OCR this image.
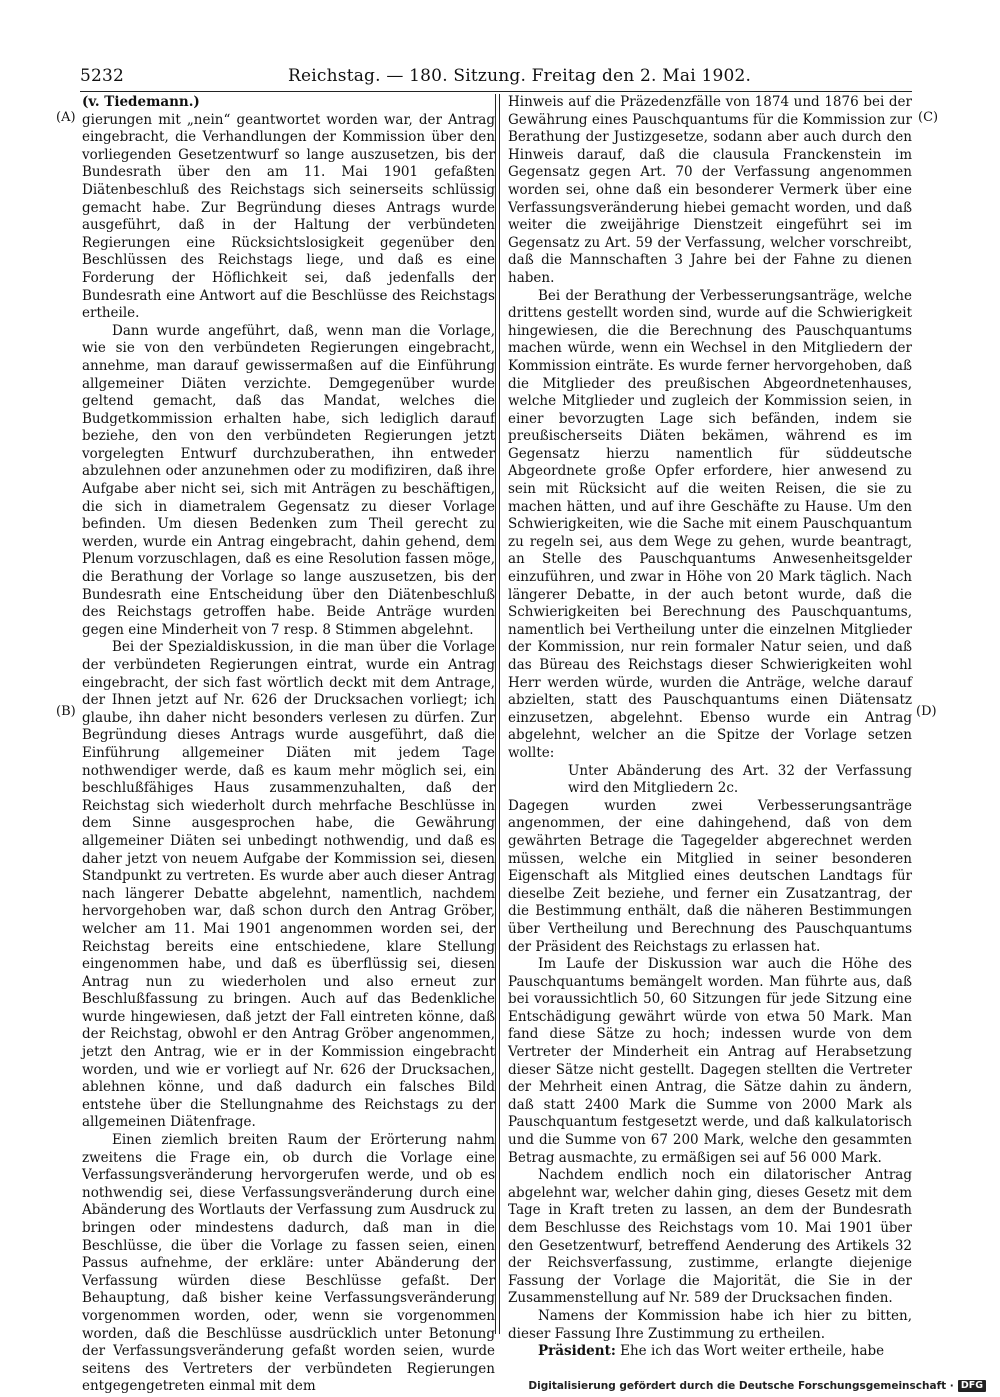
5232	Reichstag. — 180. Sitzung. Freitag den 2. Mai 1902.
(A)
(B)
(C)
(D)

(v. Tiedemann.)

gierungen mit „nein“ geantwortet worden war, der Antrag eingebracht, die Verhandlungen der Kommission über den vorliegenden Gesetzentwurf so lange auszusetzen, bis der Bundesrath über den am 11. Mai 1901 gefaßten Diätenbeschluß des Reichstags sich seinerseits schlüssig gemacht habe. Zur Begründung dieses Antrags wurde ausgeführt, daß in der Haltung der verbündeten Regierungen eine Rücksichtslosigkeit gegenüber den Beschlüssen des Reichstags liege, und daß es eine Forderung der Höflichkeit sei, daß jedenfalls der Bundesrath eine Antwort auf die Beschlüsse des Reichstags ertheile.

Dann wurde angeführt, daß, wenn man die Vorlage, wie sie von den verbündeten Regierungen eingebracht, annehme, man darauf gewissermaßen auf die Einführung allgemeiner Diäten verzichte. Demgegenüber wurde geltend gemacht, daß das Mandat, welches die Budgetkommission erhalten habe, sich lediglich darauf beziehe, den von den verbündeten Regierungen jetzt vorgelegten Entwurf durchzuberathen, ihn entweder abzulehnen oder anzunehmen oder zu modifiziren, daß ihre Aufgabe aber nicht sei, sich mit Anträgen zu beschäftigen, die sich in diametralem Gegensatz zu dieser Vorlage befinden. Um diesen Bedenken zum Theil gerecht zu werden, wurde ein Antrag eingebracht, dahin gehend, dem Plenum vorzuschlagen, daß es eine Resolution fassen möge, die Berathung der Vorlage so lange auszusetzen, bis der Bundesrath eine Entscheidung über den Diätenbeschluß des Reichstags getroffen habe. Beide Anträge wurden gegen eine Minderheit von 7 resp. 8 Stimmen abgelehnt.

Bei der Spezialdiskussion, in die man über die Vorlage der verbündeten Regierungen eintrat, wurde ein Antrag eingebracht, der sich fast wörtlich deckt mit dem Antrage, der Ihnen jetzt auf Nr. 626 der Drucksachen vorliegt; ich glaube, ihn daher nicht besonders verlesen zu dürfen. Zur Begründung dieses Antrags wurde ausgeführt, daß die Einführung allgemeiner Diäten mit jedem Tage nothwendiger werde, daß es kaum mehr möglich sei, ein beschlußfähiges Haus zusammenzuhalten, daß der Reichstag sich wiederholt durch mehrfache Beschlüsse in dem Sinne ausgesprochen habe, die Gewährung allgemeiner Diäten sei unbedingt nothwendig, und daß es daher jetzt von neuem Aufgabe der Kommission sei, diesen Standpunkt zu vertreten. Es wurde aber auch dieser Antrag nach längerer Debatte abgelehnt, namentlich, nachdem hervorgehoben war, daß schon durch den Antrag Gröber, welcher am 11. Mai 1901 angenommen worden sei, der Reichstag bereits eine entschiedene, klare Stellung eingenommen habe, und daß es überflüssig sei, diesen Antrag nun zu wiederholen und also erneut zur Beschlußfassung zu bringen. Auch auf das Bedenkliche wurde hingewiesen, daß jetzt der Fall eintreten könne, daß der Reichstag, obwohl er den Antrag Gröber angenommen, jetzt den Antrag, wie er in der Kommission eingebracht worden, und wie er vorliegt auf Nr. 626 der Drucksachen, ablehnen könne, und daß dadurch ein falsches Bild entstehe über die Stellungnahme des Reichstags zu der allgemeinen Diätenfrage.

Einen ziemlich breiten Raum der Erörterung nahm zweitens die Frage ein, ob durch die Vorlage eine Verfassungsveränderung hervorgerufen werde, und ob es nothwendig sei, diese Verfassungsveränderung durch eine Abänderung des Wortlauts der Verfassung zum Ausdruck zu bringen oder mindestens dadurch, daß man in die Beschlüsse, die über die Vorlage zu fassen seien, einen Passus aufnehme, der erkläre: unter Abänderung der Verfassung würden diese Beschlüsse gefaßt. Der Behauptung, daß bisher keine Verfassungsveränderung vorgenommen worden, oder, wenn sie vorgenommen worden, daß die Beschlüsse ausdrücklich unter Betonung der Verfassungsveränderung gefaßt worden seien, wurde seitens des Vertreters der verbündeten Regierungen entgegengetreten einmal mit dem

Hinweis auf die Präzedenzfälle von 1874 und 1876 bei der Gewährung eines Pauschquantums für die Kommission zur Berathung der Justizgesetze, sodann aber auch durch den Hinweis darauf, daß die clausula Franckenstein im Gegensatz gegen Art. 70 der Verfassung angenommen worden sei, ohne daß ein besonderer Vermerk über eine Verfassungsveränderung hiebei gemacht worden, und daß weiter die zweijährige Dienstzeit eingeführt sei im Gegensatz zu Art. 59 der Verfassung, welcher vorschreibt, daß die Mannschaften 3 Jahre bei der Fahne zu dienen haben.

Bei der Berathung der Verbesserungsanträge, welche drittens gestellt worden sind, wurde auf die Schwierigkeit hingewiesen, die die Berechnung des Pauschquantums machen würde, wenn ein Wechsel in den Mitgliedern der Kommission einträte. Es wurde ferner hervorgehoben, daß die Mitglieder des preußischen Abgeordnetenhauses, welche Mitglieder und zugleich der Kommission seien, in einer bevorzugten Lage sich befänden, indem sie preußischerseits Diäten bekämen, während es im Gegensatz hierzu namentlich für süddeutsche Abgeordnete große Opfer erfordere, hier anwesend zu sein mit Rücksicht auf die weiten Reisen, die sie zu machen hätten, und auf ihre Geschäfte zu Hause. Um den Schwierigkeiten, wie die Sache mit einem Pauschquantum zu regeln sei, aus dem Wege zu gehen, wurde beantragt, an Stelle des Pauschquantums Anwesenheitsgelder einzuführen, und zwar in Höhe von 20 Mark täglich. Nach längerer Debatte, in der auch betont wurde, daß die Schwierigkeiten bei Berechnung des Pauschquantums, namentlich bei Vertheilung unter die einzelnen Mitglieder der Kommission, nur rein formaler Natur seien, und daß das Büreau des Reichstags dieser Schwierigkeiten wohl Herr werden würde, wurden die Anträge, welche darauf abzielten, statt des Pauschquantums einen Diätensatz einzusetzen, abgelehnt. Ebenso wurde ein Antrag abgelehnt, welcher an die Spitze der Vorlage setzen wollte:

Unter Abänderung des Art. 32 der Verfassung wird den Mitgliedern 2c.

Dagegen wurden zwei Verbesserungsanträge angenommen, der eine dahingehend, daß von dem gewährten Betrage die Tagegelder abgerechnet werden müssen, welche ein Mitglied in seiner besonderen Eigenschaft als Mitglied eines deutschen Landtags für dieselbe Zeit beziehe, und ferner ein Zusatzantrag, der die Bestimmung enthält, daß die näheren Bestimmungen über Vertheilung und Berechnung des Pauschquantums der Präsident des Reichstags zu erlassen hat.

Im Laufe der Diskussion war auch die Höhe des Pauschquantums bemängelt worden. Man führte aus, daß bei voraussichtlich 50, 60 Sitzungen für jede Sitzung eine Entschädigung gewährt würde von etwa 50 Mark. Man fand diese Sätze zu hoch; indessen wurde von dem Vertreter der Minderheit ein Antrag auf Herabsetzung dieser Sätze nicht gestellt. Dagegen stellten die Vertreter der Mehrheit einen Antrag, die Sätze dahin zu ändern, daß statt 2400 Mark die Summe von 2000 Mark als Pauschquantum festgesetzt werde, und daß kalkulatorisch und die Summe von 67 200 Mark, welche den gesammten Betrag ausmachte, zu ermäßigen sei auf 56 000 Mark.

Nachdem endlich noch ein dilatorischer Antrag abgelehnt war, welcher dahin ging, dieses Gesetz mit dem Tage in Kraft treten zu lassen, an dem der Bundesrath dem Beschlusse des Reichstags vom 10. Mai 1901 über den Gesetzentwurf, betreffend Aenderung des Artikels 32 der Reichsverfassung, zustimme, erlangte diejenige Fassung der Vorlage die Majorität, die Sie in der Zusammenstellung auf Nr. 589 der Drucksachen finden.

Namens der Kommission habe ich hier zu bitten, dieser Fassung Ihre Zustimmung zu ertheilen.

Präsident: Ehe ich das Wort weiter ertheile, habe

Digitalisierung gefördert durch die Deutsche Forschungsgemeinschaft · DFG
